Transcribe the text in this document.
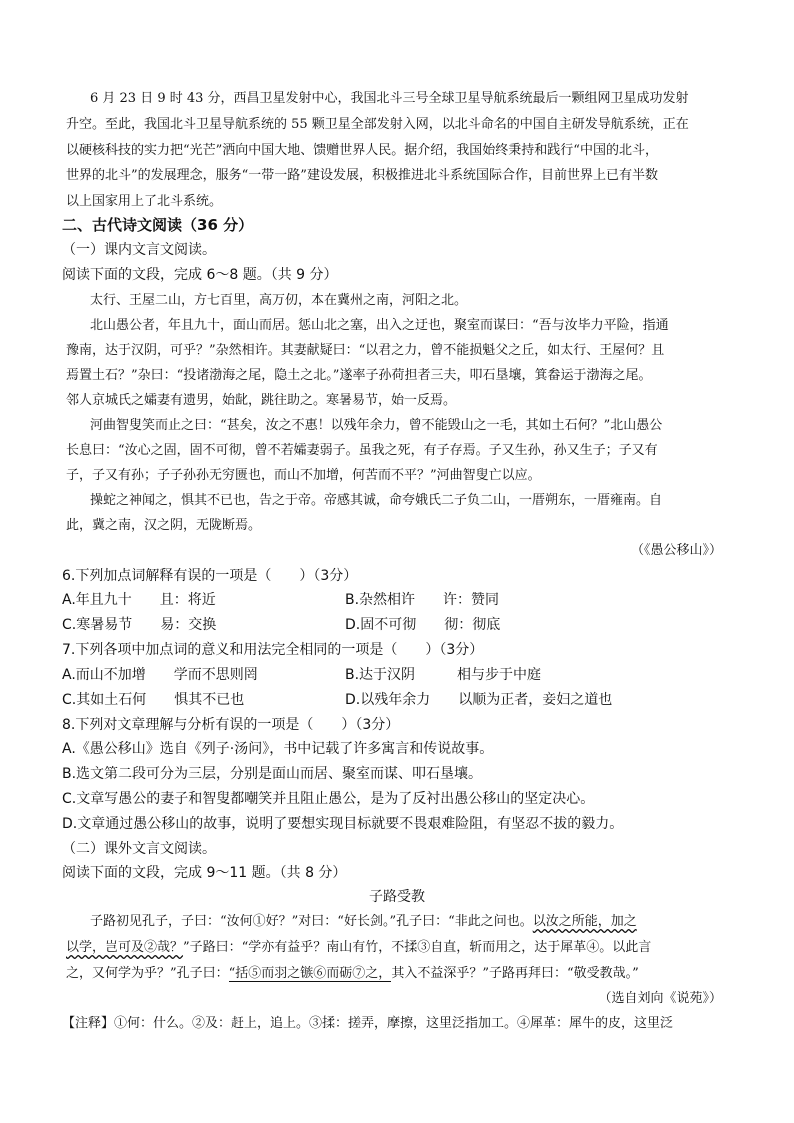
6 月 23 日 9 时 43 分，西昌卫星发射中心，我国北斗三号全球卫星导航系统最后一颗组网卫星成功发射
升空。至此，我国北斗卫星导航系统的 55 颗卫星全部发射入网，以北斗命名的中国自主研发导航系统，正在
以硬核科技的实力把“光芒”洒向中国大地、馈赠世界人民。据介绍，我国始终秉持和践行“中国的北斗，
世界的北斗”的发展理念，服务“一带一路”建设发展，积极推进北斗系统国际合作，目前世界上已有半数
以上国家用上了北斗系统。
二、古代诗文阅读（36 分）
（一）课内文言文阅读。
阅读下面的文段，完成 6～8 题。（共 9 分）
太行、王屋二山，方七百里，高万仞，本在冀州之南，河阳之北。
北山愚公者，年且九十，面山而居。惩山北之塞，出入之迂也，聚室而谋曰：“吾与汝毕力平险，指通
豫南，达于汉阴，可乎？”杂然相许。其妻献疑曰：“以君之力，曾不能损魁父之丘，如太行、王屋何？且
焉置土石？”杂曰：“投诸渤海之尾，隐土之北。”遂率子孙荷担者三夫，叩石垦壤，箕畚运于渤海之尾。
邻人京城氏之孀妻有遗男，始龀，跳往助之。寒暑易节，始一反焉。
河曲智叟笑而止之曰：“甚矣，汝之不惠！以残年余力，曾不能毁山之一毛，其如土石何？”北山愚公
长息曰：“汝心之固，固不可彻，曾不若孀妻弱子。虽我之死，有子存焉。子又生孙，孙又生子；子又有
子，子又有孙；子子孙孙无穷匮也，而山不加增，何苦而不平？”河曲智叟亡以应。
操蛇之神闻之，惧其不已也，告之于帝。帝感其诚，命夸娥氏二子负二山，一厝朔东，一厝雍南。自
此，冀之南，汉之阴，无陇断焉。
（《愚公移山》）
6.下列加点词解释有误的一项是（　　）（3分）
A.年且九十　　且：将近	B.杂然相许　　许：赞同
C.寒暑易节　　易：交换	D.固不可彻　　彻：彻底
7.下列各项中加点词的意义和用法完全相同的一项是（　　）（3分）
A.而山不加增　　学而不思则罔	B.达于汉阴　　　相与步于中庭
C.其如土石何　　惧其不已也	D.以残年余力　　以顺为正者，妾妇之道也
8.下列对文章理解与分析有误的一项是（　　）（3分）
A.《愚公移山》选自《列子·汤问》，书中记载了许多寓言和传说故事。
B.选文第二段可分为三层，分别是面山而居、聚室而谋、叩石垦壤。
C.文章写愚公的妻子和智叟都嘲笑并且阻止愚公，是为了反衬出愚公移山的坚定决心。
D.文章通过愚公移山的故事，说明了要想实现目标就要不畏艰难险阻，有坚忍不拔的毅力。
（二）课外文言文阅读。
阅读下面的文段，完成 9～11 题。（共 8 分）
子路受教
子路初见孔子，子曰：“汝何①好？”对曰：“好长剑。”孔子曰：“非此之问也。以汝之所能，加之
以学，岂可及②哉？”子路曰：“学亦有益乎？南山有竹，不揉③自直，斩而用之，达于犀革④。以此言
之，又何学为乎？”孔子曰：“括⑤而羽之镞⑥而砺⑦之，其入不益深乎？”子路再拜曰：“敬受教哉。”
（选自刘向《说苑》）
【注释】①何：什么。②及：赶上，追上。③揉：搓弄，摩擦，这里泛指加工。④犀革：犀牛的皮，这里泛
